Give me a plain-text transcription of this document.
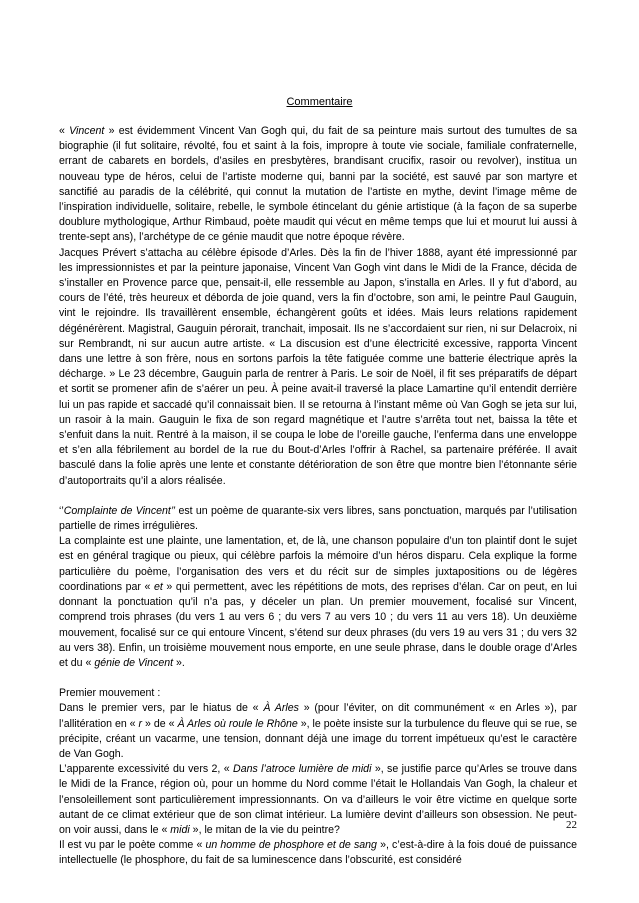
Commentaire

« Vincent » est évidemment Vincent Van Gogh qui, du fait de sa peinture mais surtout des tumultes de sa biographie (il fut solitaire, révolté, fou et saint à la fois, impropre à toute vie sociale, familiale confraternelle, errant de cabarets en bordels, d’asiles en presbytères, brandisant crucifix, rasoir ou revolver), institua un nouveau type de héros, celui de l’artiste moderne qui, banni par la société, est sauvé par son martyre et sanctifié au paradis de la célébrité, qui connut la mutation de l’artiste en mythe, devint l’image même de l’inspiration individuelle, solitaire, rebelle, le symbole étincelant du génie artistique (à la façon de sa superbe doublure mythologique, Arthur Rimbaud, poète maudit qui vécut en même temps que lui et mourut lui aussi à trente-sept ans), l’archétype de ce génie maudit que notre époque révère.

Jacques Prévert s’attacha au célèbre épisode d’Arles. Dès la fin de l’hiver 1888, ayant été impressionné par les impressionnistes et par la peinture japonaise, Vincent Van Gogh vint dans le Midi de la France, décida de s’installer en Provence parce que, pensait-il, elle ressemble au Japon, s’installa en Arles. Il y fut d’abord, au cours de l’été, très heureux et déborda de joie quand, vers la fin d’octobre, son ami, le peintre Paul Gauguin, vint le rejoindre. Ils travaillèrent ensemble, échangèrent goûts et idées. Mais leurs relations rapidement dégénérèrent. Magistral, Gauguin pérorait, tranchait, imposait. Ils ne s’accordaient sur rien, ni sur Delacroix, ni sur Rembrandt, ni sur aucun autre artiste. « La discusion est d’une électricité excessive, rapporta Vincent dans une lettre à son frère, nous en sortons parfois la tête fatiguée comme une batterie électrique après la décharge. » Le 23 décembre, Gauguin parla de rentrer à Paris. Le soir de Noël, il fit ses préparatifs de départ et sortit se promener afin de s’aérer un peu. À peine avait-il traversé la place Lamartine qu’il entendit derrière lui un pas rapide et saccadé qu’il connaissait bien. Il se retourna à l’instant même où Van Gogh se jeta sur lui, un rasoir à la main. Gauguin le fixa de son regard magnétique et l’autre s’arrêta tout net, baissa la tête et s’enfuit dans la nuit. Rentré à la maison, il se coupa le lobe de l’oreille gauche, l’enferma dans une enveloppe et s’en alla fébrilement au bordel de la rue du Bout-d’Arles l’offrir à Rachel, sa partenaire préférée. Il avait basculé dans la folie après une lente et constante détérioration de son être que montre bien l’étonnante série d’autoportraits qu’il a alors réalisée.

‘’Complainte de Vincent’’ est un poème de quarante-six vers libres, sans ponctuation, marqués par l’utilisation partielle de rimes irrégulières.

La complainte est une plainte, une lamentation, et, de là, une chanson populaire d’un ton plaintif dont le sujet est en général tragique ou pieux, qui célèbre parfois la mémoire d’un héros disparu. Cela explique la forme particulière du poème, l’organisation des vers et du récit sur de simples juxtapositions ou de légères coordinations par « et » qui permettent, avec les répétitions de mots, des reprises d’élan. Car on peut, en lui donnant la ponctuation qu’il n’a pas, y déceler un plan. Un premier mouvement, focalisé sur Vincent, comprend trois phrases (du vers 1 au vers 6 ; du vers 7 au vers 10 ; du vers 11 au vers 18). Un deuxième mouvement, focalisé sur ce qui entoure Vincent, s’étend sur deux phrases (du vers 19 au vers 31 ; du vers 32 au vers 38). Enfin, un troisième mouvement nous emporte, en une seule phrase, dans le double orage d’Arles et du « génie de Vincent ».

Premier mouvement :

Dans le premier vers, par le hiatus de « À Arles » (pour l’éviter, on dit communément « en Arles »), par l’allitération en « r » de « À Arles où roule le Rhône », le poète insiste sur la turbulence du fleuve qui se rue, se précipite, créant un vacarme, une tension, donnant déjà une image du torrent impétueux qu’est le caractère de Van Gogh.

L’apparente excessivité du vers 2, « Dans l’atroce lumière de midi », se justifie parce qu’Arles se trouve dans le Midi de la France, région où, pour un homme du Nord comme l’était le Hollandais Van Gogh, la chaleur et l’ensoleillement sont particulièrement impressionnants. On va d’ailleurs le voir être victime en quelque sorte autant de ce climat extérieur que de son climat intérieur. La lumière devint d’ailleurs son obsession. Ne peut-on voir aussi, dans le « midi », le mitan de la vie du peintre?

Il est vu par le poète comme « un homme de phosphore et de sang », c’est-à-dire à la fois doué de puissance intellectuelle (le phosphore, du fait de sa luminescence dans l’obscurité, est considéré

22
